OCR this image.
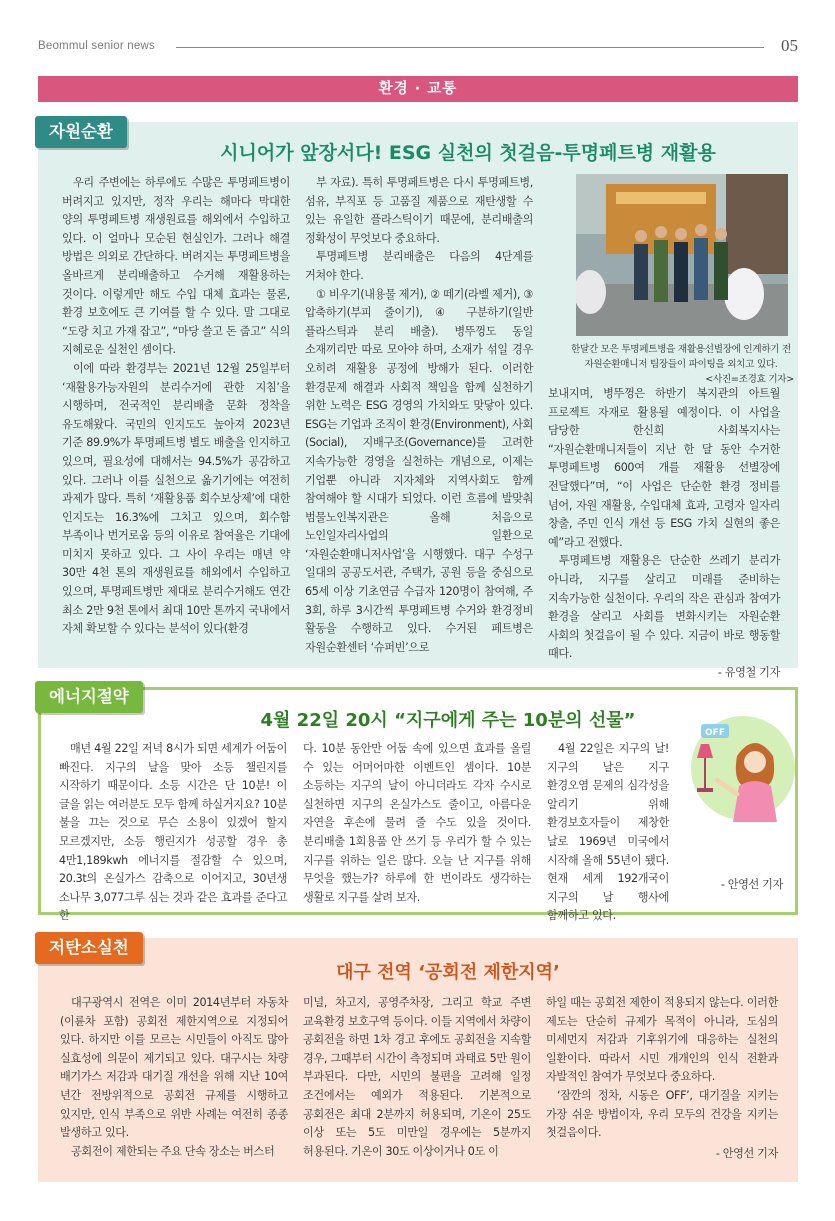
Beommul senior news	05
환경 · 교통
자원순환
시니어가 앞장서다! ESG 실천의 첫걸음-투명페트병 재활용

우리 주변에는 하루에도 수많은 투명페트병이 버려지고 있지만, 정작 우리는 해마다 막대한 양의 투명페트병 재생원료를 해외에서 수입하고 있다. 이 얼마나 모순된 현실인가. 그러나 해결 방법은 의외로 간단하다. 버려지는 투명페트병을 올바르게 분리배출하고 수거해 재활용하는 것이다. 이렇게만 해도 수입 대체 효과는 물론, 환경 보호에도 큰 기여를 할 수 있다. 말 그대로 “도랑 치고 가재 잡고”, “마당 쓸고 돈 줍고” 식의 지혜로운 실천인 셈이다.

이에 따라 환경부는 2021년 12월 25일부터 ‘재활용가능자원의 분리수거에 관한 지침’을 시행하며, 전국적인 분리배출 문화 정착을 유도해왔다. 국민의 인지도도 높아져 2023년 기준 89.9%가 투명페트병 별도 배출을 인지하고 있으며, 필요성에 대해서는 94.5%가 공감하고 있다. 그러나 이를 실천으로 옮기기에는 여전히 과제가 많다. 특히 ‘재활용품 회수보상제’에 대한 인지도는 16.3%에 그치고 있으며, 회수함 부족이나 번거로움 등의 이유로 참여율은 기대에 미치지 못하고 있다. 그 사이 우리는 매년 약 30만 4천 톤의 재생원료를 해외에서 수입하고 있으며, 투명페트병만 제대로 분리수거해도 연간 최소 2만 9천 톤에서 최대 10만 톤까지 국내에서 자체 확보할 수 있다는 분석이 있다(환경

부 자료). 특히 투명페트병은 다시 투명페트병, 섬유, 부직포 등 고품질 제품으로 재탄생할 수 있는 유일한 플라스틱이기 때문에, 분리배출의 정확성이 무엇보다 중요하다.

투명페트병 분리배출은 다음의 4단계를 거쳐야 한다.

① 비우기(내용물 제거), ② 떼기(라벨 제거), ③ 압축하기(부피 줄이기), ④ 구분하기(일반 플라스틱과 분리 배출). 병뚜껑도 동일 소재끼리만 따로 모아야 하며, 소재가 섞일 경우 오히려 재활용 공정에 방해가 된다. 이러한 환경문제 해결과 사회적 책임을 함께 실천하기 위한 노력은 ESG 경영의 가치와도 맞닿아 있다. ESG는 기업과 조직이 환경(Environment), 사회(Social), 지배구조(Governance)를 고려한 지속가능한 경영을 실천하는 개념으로, 이제는 기업뿐 아니라 지자체와 지역사회도 함께 참여해야 할 시대가 되었다. 이런 흐름에 발맞춰 범물노인복지관은 올해 처음으로 노인일자리사업의 일환으로 ‘자원순환매니저사업’을 시행했다. 대구 수성구 일대의 공공도서관, 주택가, 공원 등을 중심으로 65세 이상 기초연금 수급자 120명이 참여해, 주 3회, 하루 3시간씩 투명페트병 수거와 환경정비 활동을 수행하고 있다. 수거된 페트병은 자원순환센터 ‘슈퍼빈’으로

한달간 모은 투명페트병을 재활용선별장에 인계하기 전 자원순환매니저 팀장들이 파이팅을 외치고 있다.
<사진=조경효 기자>

보내지며, 병뚜껑은 하반기 복지관의 아트월 프로젝트 자재로 활용될 예정이다. 이 사업을 담당한 한신희 사회복지사는 “자원순환매니저들이 지난 한 달 동안 수거한 투명페트병 600여 개를 재활용 선별장에 전달했다”며, “이 사업은 단순한 환경 정비를 넘어, 자원 재활용, 수입대체 효과, 고령자 일자리 창출, 주민 인식 개선 등 ESG 가치 실현의 좋은 예”라고 전했다.

투명페트병 재활용은 단순한 쓰레기 분리가 아니라, 지구를 살리고 미래를 준비하는 지속가능한 실천이다. 우리의 작은 관심과 참여가 환경을 살리고 사회를 변화시키는 자원순환 사회의 첫걸음이 될 수 있다. 지금이 바로 행동할 때다.

- 유영철 기자
에너지절약
4월 22일 20시 “지구에게 주는 10분의 선물”

매년 4월 22일 저녁 8시가 되면 세계가 어둠이 빠진다. 지구의 날을 맞아 소등 챌린지를 시작하기 때문이다. 소등 시간은 단 10분! 이 글을 읽는 여러분도 모두 함께 하실거지요? 10분 불을 끄는 것으로 무슨 소용이 있겠어 할지 모르겠지만, 소등 행린지가 성공할 경우 총 4만1,189kwh 에너지를 절감할 수 있으며, 20.3t의 온실가스 감축으로 이어지고, 30년생 소나무 3,077그루 심는 것과 같은 효과를 준다고 한

다. 10분 동안만 어둠 속에 있으면 효과를 올릴 수 있는 어머어마한 이벤트인 셈이다. 10분 소등하는 지구의 날이 아니더라도 각자 수시로 실천하면 지구의 온실가스도 줄이고, 아름다운 자연을 후손에 물려 줄 수도 있을 것이다. 분리배출 1회용품 안 쓰기 등 우리가 할 수 있는 지구를 위하는 일은 많다. 오늘 난 지구를 위해 무엇을 했는가? 하루에 한 번이라도 생각하는 생활로 지구를 살려 보자.

OFF

4월 22일은 지구의 날! 지구의 날은 지구 환경오염 문제의 심각성을 알리기 위해 환경보호자들이 제창한 날로 1969년 미국에서 시작해 올해 55년이 됐다. 현재 세계 192개국이 지구의 날 행사에 함께하고 있다.

- 안영선 기자
저탄소실천
대구 전역 ‘공회전 제한지역’

대구광역시 전역은 이미 2014년부터 자동차(이륜차 포함) 공회전 제한지역으로 지정되어 있다. 하지만 이를 모르는 시민들이 아직도 많아 실효성에 의문이 제기되고 있다. 대구시는 차량 배기가스 저감과 대기질 개선을 위해 지난 10여 년간 전방위적으로 공회전 규제를 시행하고 있지만, 인식 부족으로 위반 사례는 여전히 종종 발생하고 있다.

공회전이 제한되는 주요 단속 장소는 버스터

미널, 차고지, 공영주차장, 그리고 학교 주변 교육환경 보호구역 등이다. 이들 지역에서 차량이 공회전을 하면 1차 경고 후에도 공회전을 지속할 경우, 그때부터 시간이 측정되며 과태료 5만 원이 부과된다. 다만, 시민의 불편을 고려해 일정 조건에서는 예외가 적용된다. 기본적으로 공회전은 최대 2분까지 허용되며, 기온이 25도 이상 또는 5도 미만일 경우에는 5분까지 허용된다. 기온이 30도 이상이거나 0도 이

하일 때는 공회전 제한이 적용되지 않는다. 이러한 제도는 단순히 규제가 목적이 아니라, 도심의 미세먼지 저감과 기후위기에 대응하는 실천의 일환이다. 따라서 시민 개개인의 인식 전환과 자발적인 참여가 무엇보다 중요하다.

‘잠깐의 정차, 시동은 OFF’, 대기질을 지키는 가장 쉬운 방법이자, 우리 모두의 건강을 지키는 첫걸음이다.

- 안영선 기자
